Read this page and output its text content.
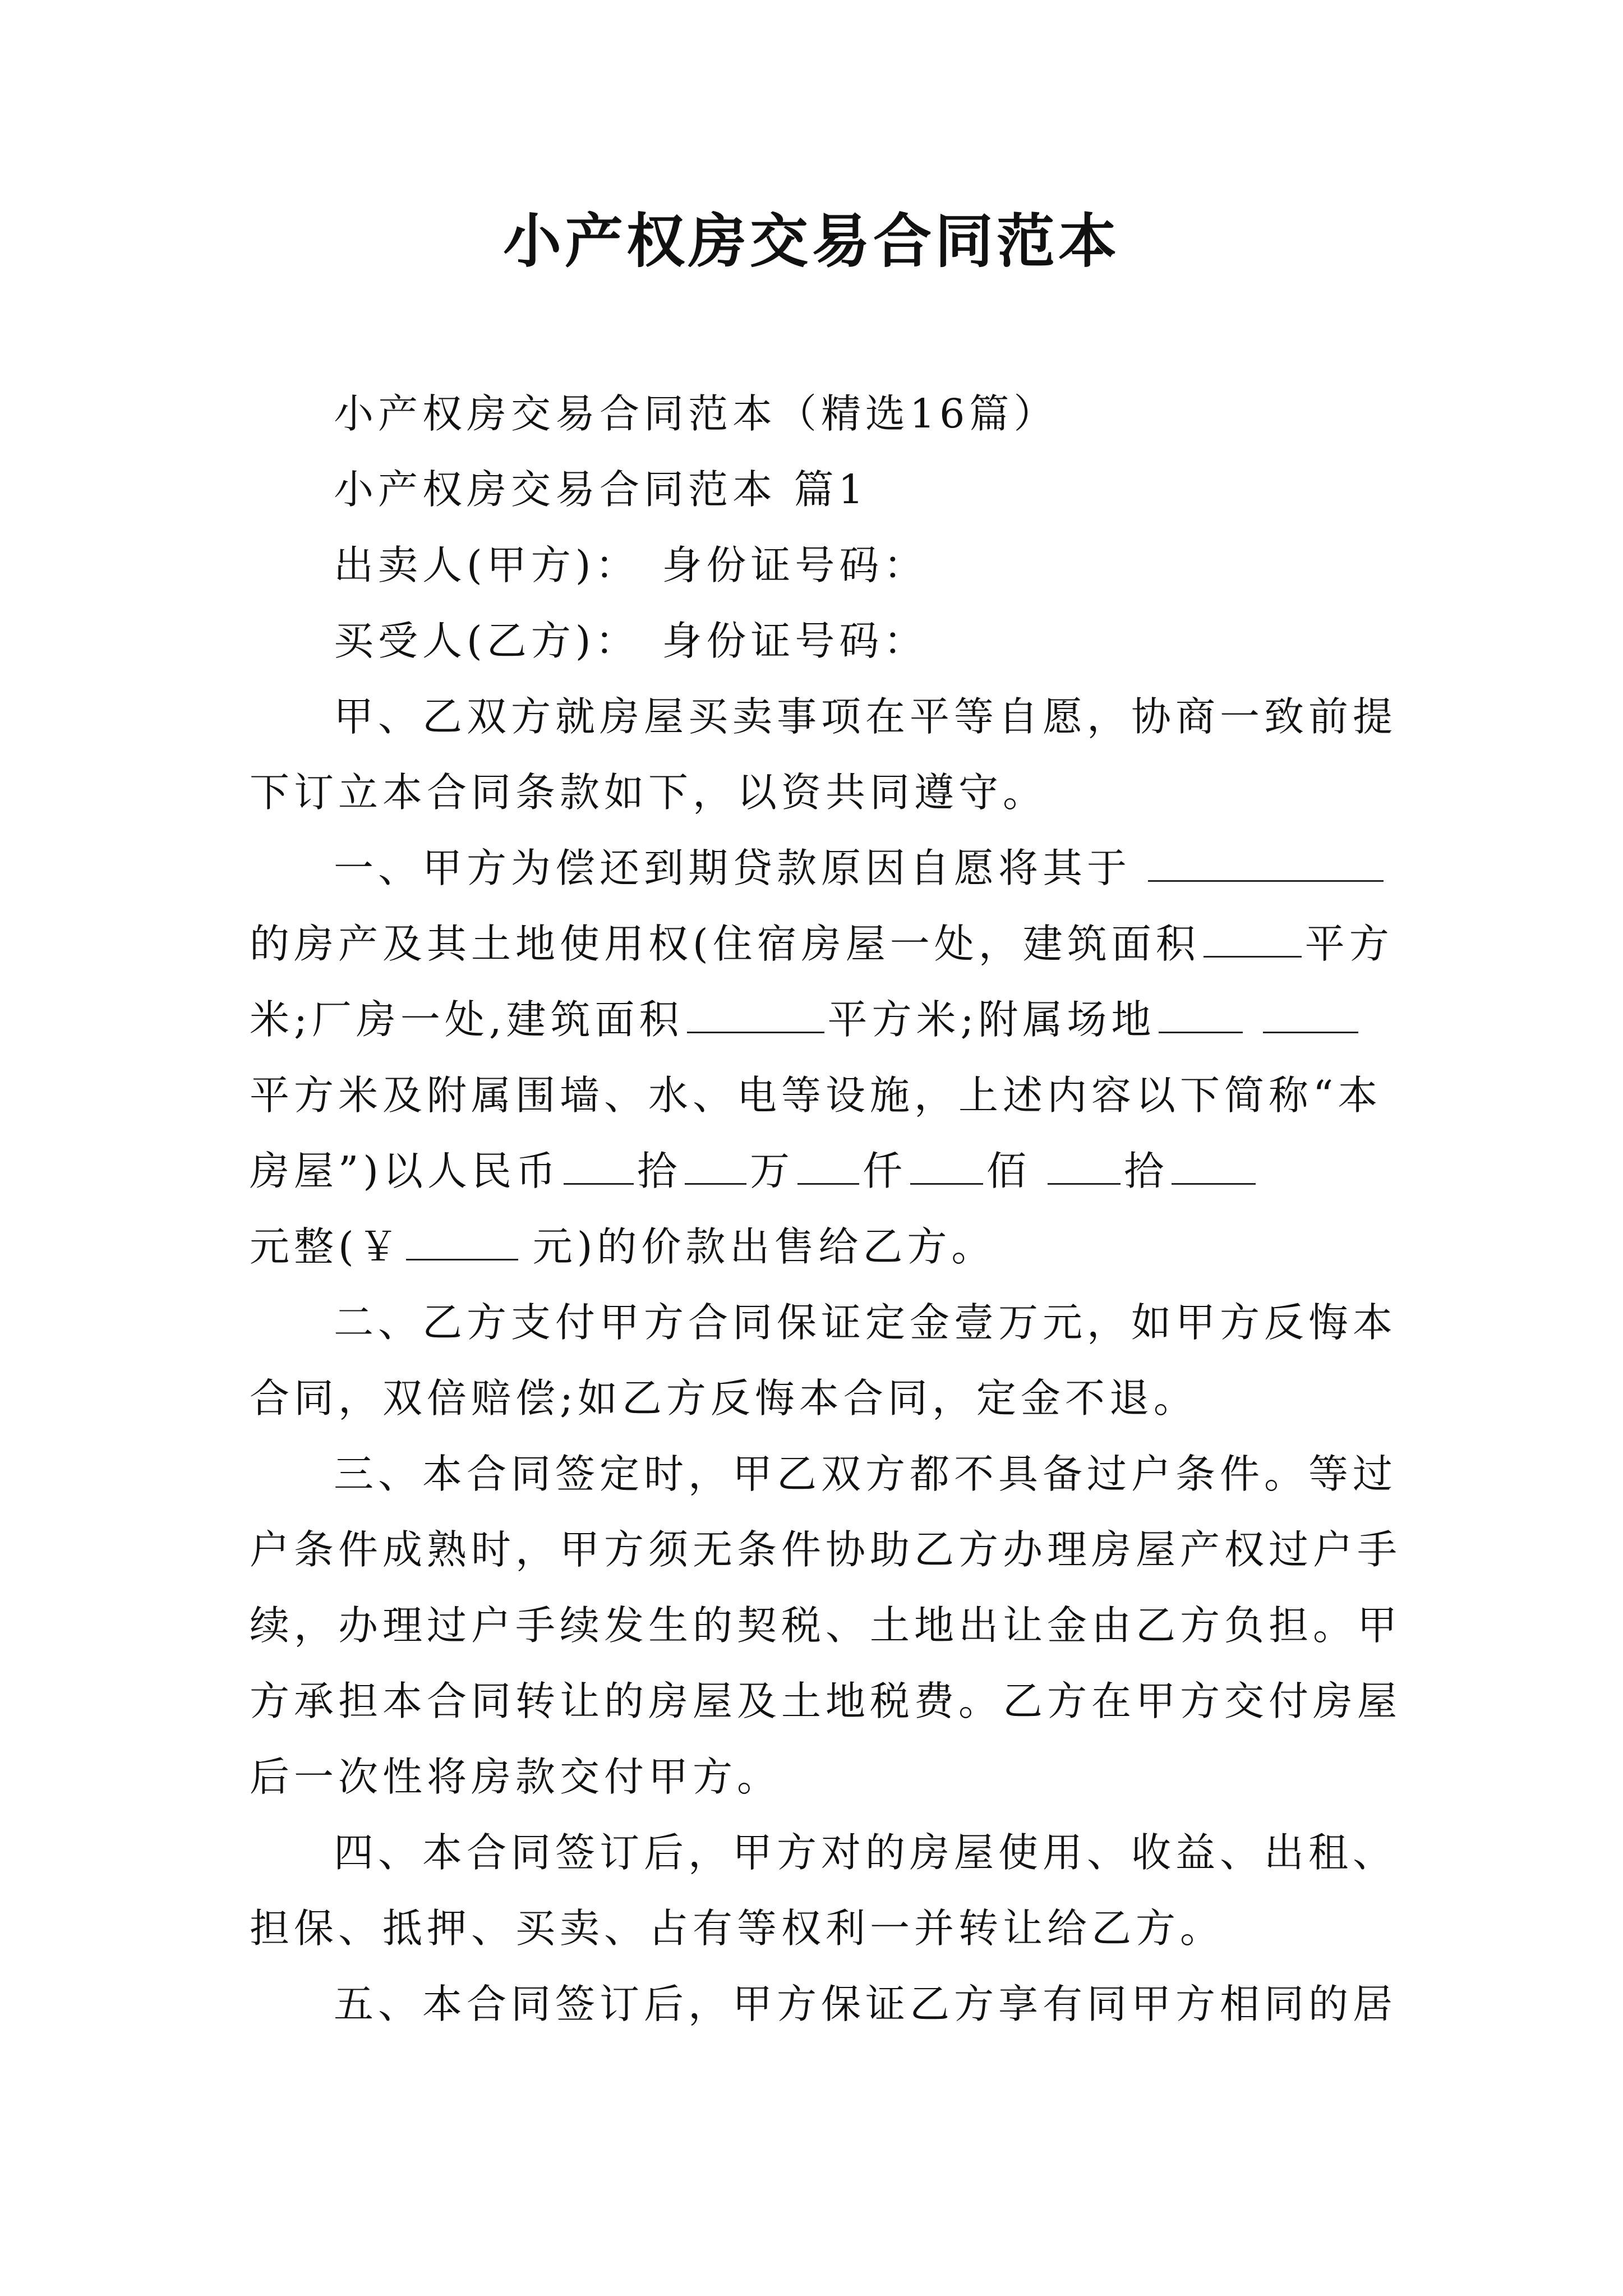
小产权房交易合同范本
小产权房交易合同范本（精选16篇）
小产权房交易合同范本 篇1
出卖人(甲方)： 身份证号码：
买受人(乙方)： 身份证号码：
甲、乙双方就房屋买卖事项在平等自愿，协商一致前提
下订立本合同条款如下，以资共同遵守。
一、甲方为偿还到期贷款原因自愿将其于
的房产及其土地使用权(住宿房屋一处，建筑面积	平方
米;厂房一处,建筑面积	平方米;附属场地
平方米及附属围墙、水、电等设施，上述内容以下简称“本
房屋”)以人民币 拾 万 仟 佰 拾
元整(￥	元)的价款出售给乙方。
二、乙方支付甲方合同保证定金壹万元，如甲方反悔本
合同，双倍赔偿;如乙方反悔本合同，定金不退。
三、本合同签定时，甲乙双方都不具备过户条件。等过
户条件成熟时，甲方须无条件协助乙方办理房屋产权过户手
续，办理过户手续发生的契税、土地出让金由乙方负担。甲
方承担本合同转让的房屋及土地税费。乙方在甲方交付房屋
后一次性将房款交付甲方。
四、本合同签订后，甲方对的房屋使用、收益、出租、
担保、抵押、买卖、占有等权利一并转让给乙方。
五、本合同签订后，甲方保证乙方享有同甲方相同的居
